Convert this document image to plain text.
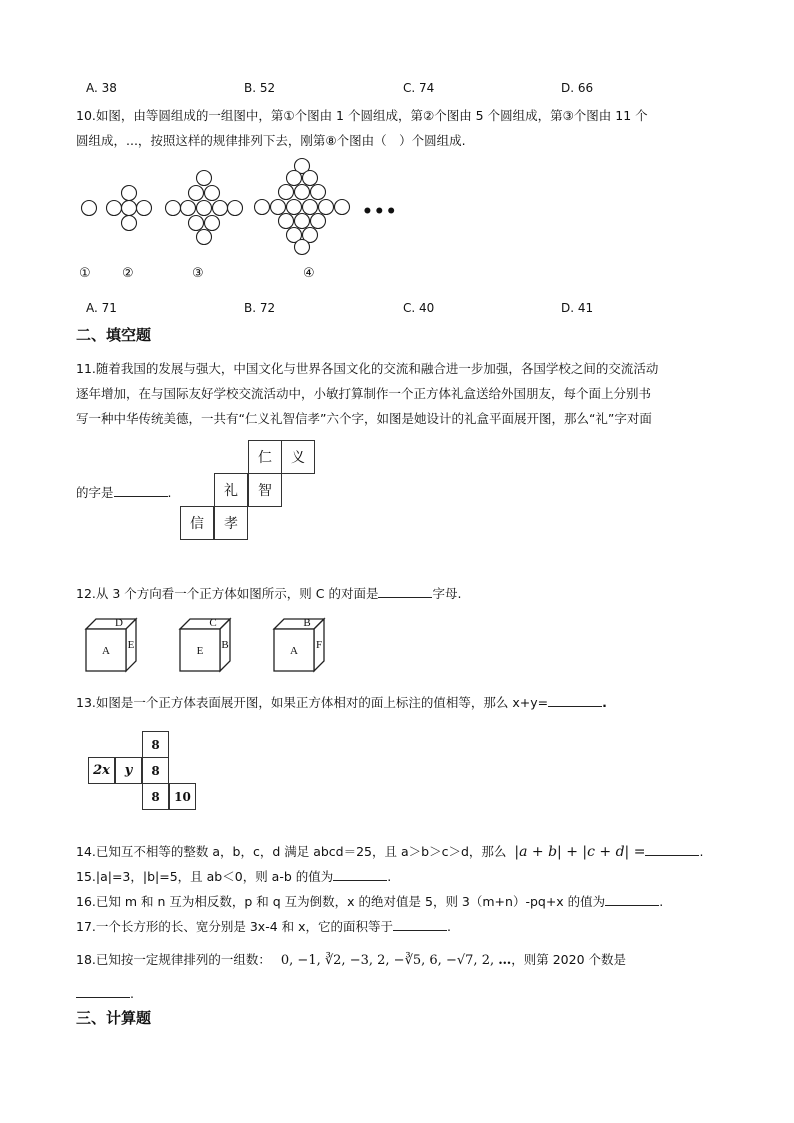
A. 38	B. 52	C. 74	D. 66
10.如图，由等圆组成的一组图中，第①个图由 1 个圆组成，第②个图由 5 个圆组成，第③个图由 11 个
圆组成，...，按照这样的规律排列下去，刚第⑧个图由（　）个圆组成.
•••
① ②	③	④
A. 71	B. 72	C. 40	D. 41
二、填空题
11.随着我国的发展与强大，中国文化与世界各国文化的交流和融合进一步加强，各国学校之间的交流活动
逐年增加，在与国际友好学校交流活动中，小敏打算制作一个正方体礼盒送给外国朋友，每个面上分别书
写一种中华传统美德，一共有“仁义礼智信孝”六个字，如图是她设计的礼盒平面展开图，那么“礼”字对面
的字是	.
仁	义
礼	智
信	孝
12.从 3 个方向看一个正方体如图所示，则 C 的对面是	字母.
D
A E
C
E B
B
A F
13.如图是一个正方体表面展开图，如果正方体相对的面上标注的值相等，那么 x+y=	.
8
2x	y	8
8	10
14.已知互不相等的整数 a，b，c，d 满足 abcd＝25，且 a＞b＞c＞d，那么 |a + b| + |c + d| =	.
15.|a|=3，|b|=5，且 ab＜0，则 a-b 的值为	.
16.已知 m 和 n 互为相反数，p 和 q 互为倒数，x 的绝对值是 5，则 3（m+n）-pq+x 的值为	.
17.一个长方形的长、宽分别是 3x-4 和 x，它的面积等于	.
18.已知按一定规律排列的一组数： 0, −1, ∛2, −3, 2, −∛5, 6, −√7, 2, …，则第 2020 个数是
.
三、计算题
